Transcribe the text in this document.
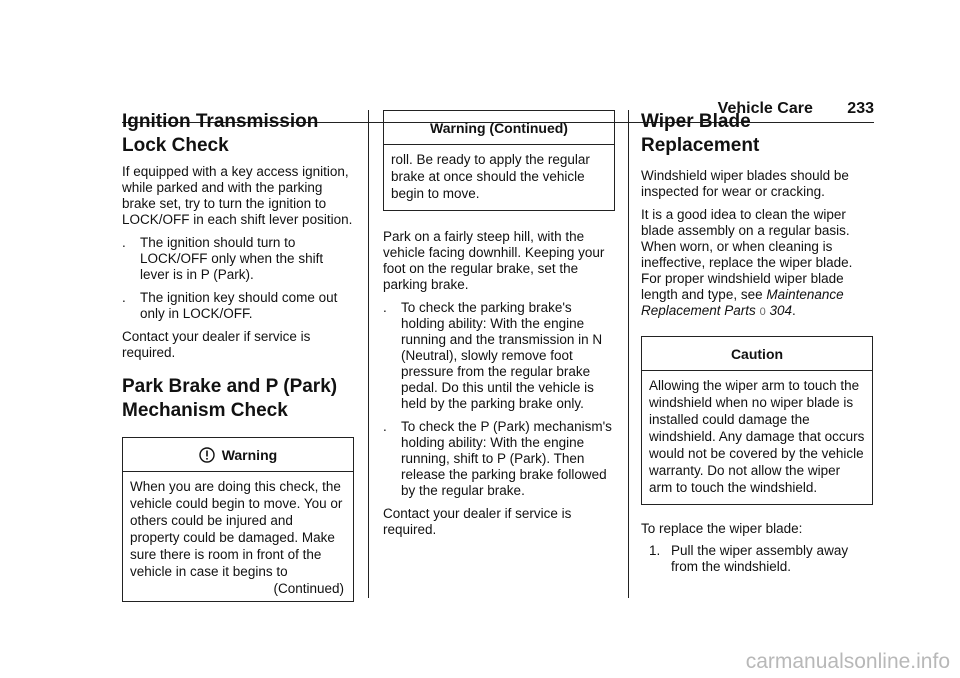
Vehicle Care 233
Ignition Transmission
Lock Check

If equipped with a key access ignition, while parked and with the parking brake set, try to turn the ignition to LOCK/OFF in each shift lever position.

. The ignition should turn to LOCK/OFF only when the shift lever is in P (Park).
. The ignition key should come out only in LOCK/OFF.

Contact your dealer if service is required.

Park Brake and P (Park)
Mechanism Check
Warning
When you are doing this check, the vehicle could begin to move. You or others could be injured and property could be damaged. Make sure there is room in front of the vehicle in case it begins to
(Continued)
Warning (Continued)
roll. Be ready to apply the regular brake at once should the vehicle begin to move.

Park on a fairly steep hill, with the vehicle facing downhill. Keeping your foot on the regular brake, set the parking brake.

. To check the parking brake's holding ability: With the engine running and the transmission in N (Neutral), slowly remove foot pressure from the regular brake pedal. Do this until the vehicle is held by the parking brake only.
. To check the P (Park) mechanism's holding ability: With the engine running, shift to P (Park). Then release the parking brake followed by the regular brake.

Contact your dealer if service is required.

Wiper Blade Replacement

Windshield wiper blades should be inspected for wear or cracking.

It is a good idea to clean the wiper blade assembly on a regular basis. When worn, or when cleaning is ineffective, replace the wiper blade. For proper windshield wiper blade length and type, see Maintenance Replacement Parts 0 304.

Caution
Allowing the wiper arm to touch the windshield when no wiper blade is installed could damage the windshield. Any damage that occurs would not be covered by the vehicle warranty. Do not allow the wiper arm to touch the windshield.

To replace the wiper blade:

1. Pull the wiper assembly away from the windshield.
carmanualsonline.info
